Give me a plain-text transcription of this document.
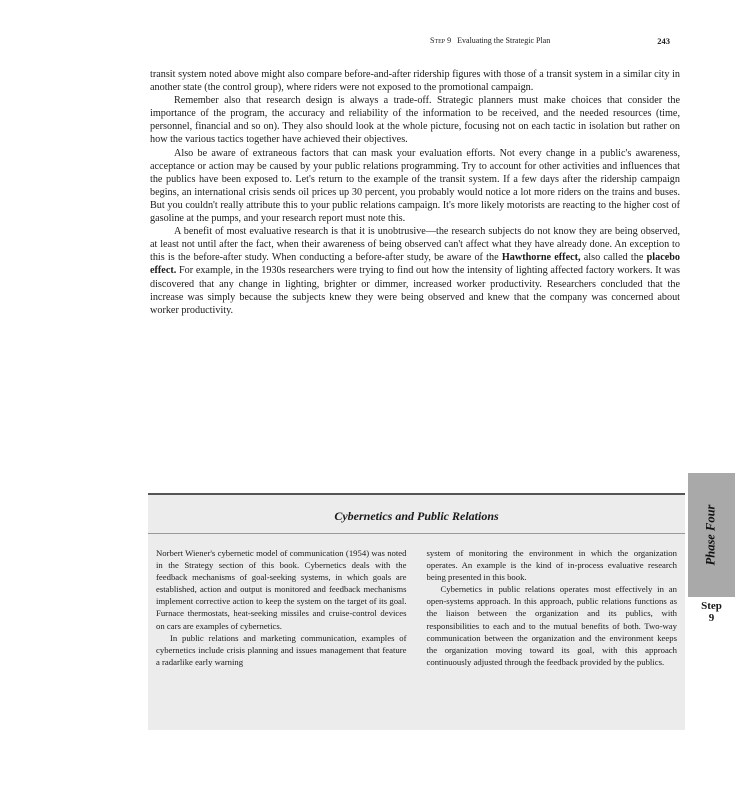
Step 9 Evaluating the Strategic Plan	243

transit system noted above might also compare before-and-after ridership figures with those of a transit system in a similar city in another state (the control group), where riders were not exposed to the promotional campaign.

Remember also that research design is always a trade-off. Strategic planners must make choices that consider the importance of the program, the accuracy and reliability of the information to be received, and the needed resources (time, personnel, financial and so on). They also should look at the whole picture, focusing not on each tactic in isolation but rather on how the various tactics together have achieved their objectives.

Also be aware of extraneous factors that can mask your evaluation efforts. Not every change in a public's awareness, acceptance or action may be caused by your public relations programming. Try to account for other activities and influences that the publics have been exposed to. Let's return to the example of the transit system. If a few days after the ridership campaign begins, an international crisis sends oil prices up 30 percent, you probably would notice a lot more riders on the trains and buses. But you couldn't really attribute this to your public relations campaign. It's more likely motorists are reacting to the higher cost of gasoline at the pumps, and your research report must note this.

A benefit of most evaluative research is that it is unobtrusive—the research subjects do not know they are being observed, at least not until after the fact, when their awareness of being observed can't affect what they have already done. An exception to this is the before-after study. When conducting a before-after study, be aware of the Hawthorne effect, also called the placebo effect. For example, in the 1930s researchers were trying to find out how the intensity of lighting affected factory workers. It was discovered that any change in lighting, brighter or dimmer, increased worker productivity. Researchers concluded that the increase was simply because the subjects knew they were being observed and knew that the company was concerned about worker productivity.

Cybernetics and Public Relations

Norbert Wiener's cybernetic model of communication (1954) was noted in the Strategy section of this book. Cybernetics deals with the feedback mechanisms of goal-seeking systems, in which goals are established, action and output is monitored and feedback mechanisms implement corrective action to keep the system on the target of its goal. Furnace thermostats, heat-seeking missiles and cruise-control devices on cars are examples of cybernetics.

In public relations and marketing communication, examples of cybernetics include crisis planning and issues management that feature a radarlike early warning

system of monitoring the environment in which the organization operates. An example is the kind of in-process evaluative research being presented in this book.

Cybernetics in public relations operates most effectively in an open-systems approach. In this approach, public relations functions as the liaison between the organization and its publics, with responsibilities to each and to the mutual benefits of both. Two-way communication between the organization and the environment keeps the organization moving toward its goal, with this approach continuously adjusted through the feedback provided by the publics.

Phase Four
Step
9
